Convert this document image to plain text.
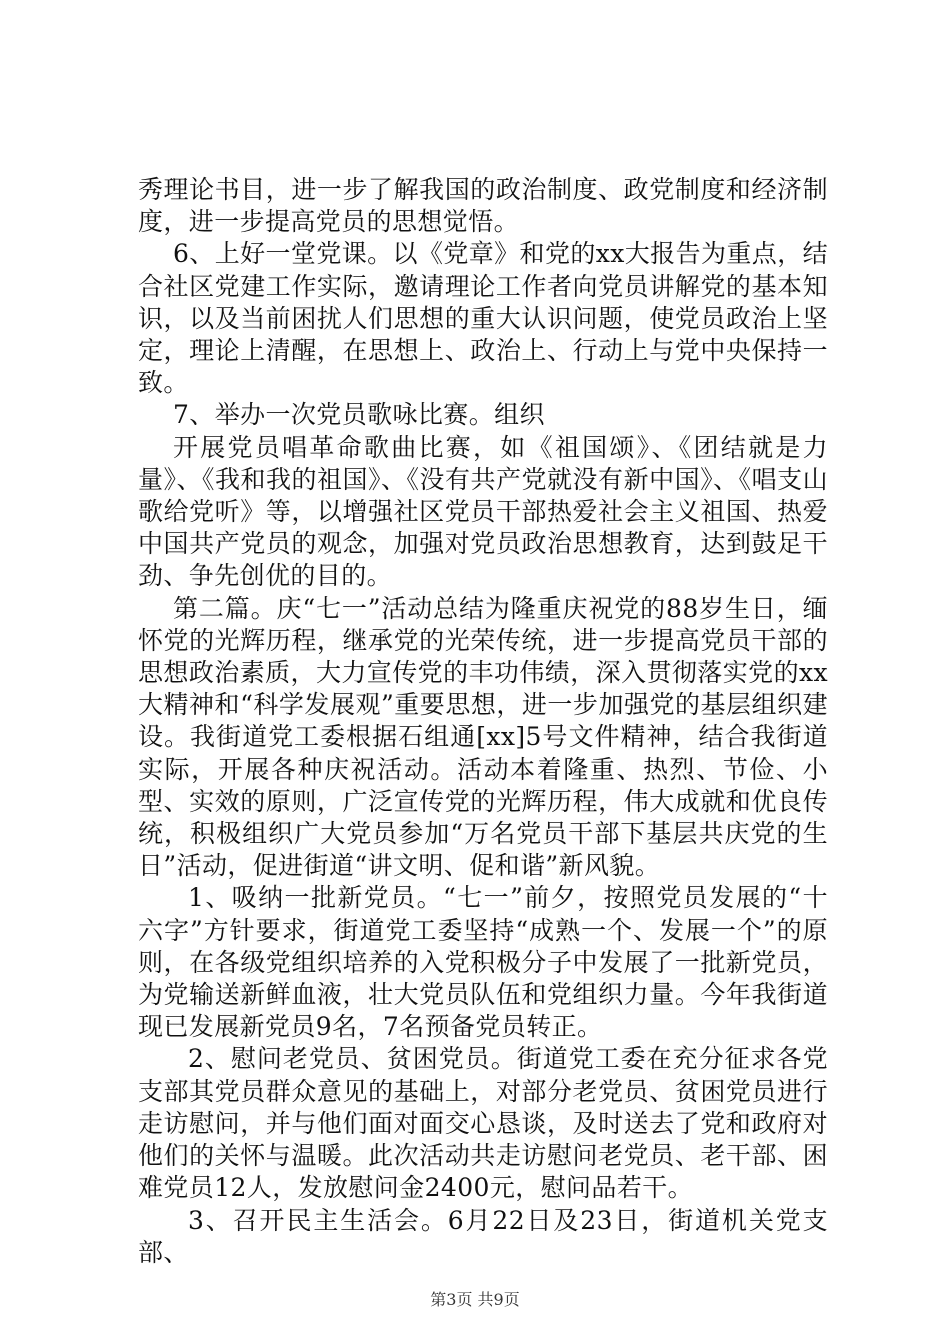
秀理论书目，进一步了解我国的政治制度、政党制度和经济制度，进一步提高党员的思想觉悟。

6、上好一堂党课。以《党章》和党的xx大报告为重点，结合社区党建工作实际，邀请理论工作者向党员讲解党的基本知识，以及当前困扰人们思想的重大认识问题，使党员政治上坚定，理论上清醒，在思想上、政治上、行动上与党中央保持一致。

7、举办一次党员歌咏比赛。组织

开展党员唱革命歌曲比赛，如《祖国颂》、《团结就是力量》、《我和我的祖国》、《没有共产党就没有新中国》、《唱支山歌给党听》等，以增强社区党员干部热爱社会主义祖国、热爱中国共产党员的观念，加强对党员政治思想教育，达到鼓足干劲、争先创优的目的。

第二篇。庆“七一”活动总结为隆重庆祝党的88岁生日，缅怀党的光辉历程，继承党的光荣传统，进一步提高党员干部的思想政治素质，大力宣传党的丰功伟绩，深入贯彻落实党的xx大精神和“科学发展观”重要思想，进一步加强党的基层组织建设。我街道党工委根据石组通[xx]5号文件精神，结合我街道实际，开展各种庆祝活动。活动本着隆重、热烈、节俭、小型、实效的原则，广泛宣传党的光辉历程，伟大成就和优良传统，积极组织广大党员参加“万名党员干部下基层共庆党的生日”活动，促进街道“讲文明、促和谐”新风貌。

1、吸纳一批新党员。“七一”前夕，按照党员发展的“十六字”方针要求，街道党工委坚持“成熟一个、发展一个”的原则，在各级党组织培养的入党积极分子中发展了一批新党员，为党输送新鲜血液，壮大党员队伍和党组织力量。今年我街道现已发展新党员9名，7名预备党员转正。

2、慰问老党员、贫困党员。街道党工委在充分征求各党支部其党员群众意见的基础上，对部分老党员、贫困党员进行走访慰问，并与他们面对面交心恳谈，及时送去了党和政府对他们的关怀与温暖。此次活动共走访慰问老党员、老干部、困难党员12人，发放慰问金2400元，慰问品若干。

3、召开民主生活会。6月22日及23日，街道机关党支部、

第3页 共9页
